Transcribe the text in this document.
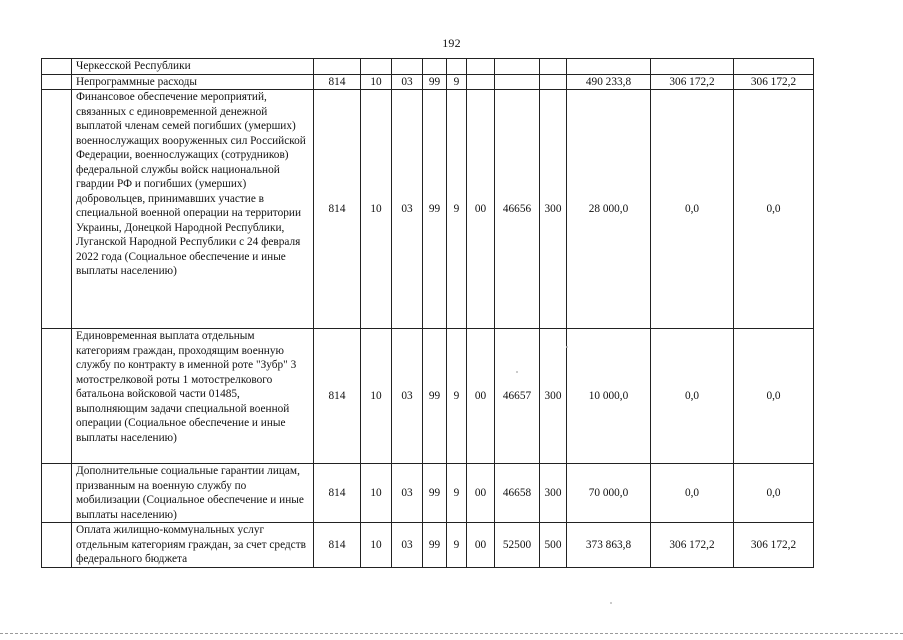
192
	Черкесской Республики											
	Непрограммные расходы	814	10	03	99	9				490 233,8	306 172,2	306 172,2
	Финансовое обеспечение мероприятий, связанных с единовременной денежной выплатой членам семей погибших (умерших) военнослужащих вооруженных сил Российской Федерации, военнослужащих (сотрудников) федеральной службы войск национальной гвардии РФ и погибших (умерших) добровольцев, принимавших участие в специальной военной операции на территории Украины, Донецкой Народной Республики, Луганской Народной Республики с 24 февраля 2022 года (Социальное обеспечение и иные выплаты населению)	814	10	03	99	9	00	46656	300	28 000,0	0,0	0,0
	Единовременная выплата отдельным категориям граждан, проходящим военную службу по контракту в именной роте "Зубр" 3 мотострелковой роты 1 мотострелкового батальона войсковой части 01485, выполняющим задачи специальной военной операции (Социальное обеспечение и иные выплаты населению)	814	10	03	99	9	00	46657	300	10 000,0	0,0	0,0
	Дополнительные социальные гарантии лицам, призванным на военную службу по мобилизации (Социальное обеспечение и иные выплаты населению)	814	10	03	99	9	00	46658	300	70 000,0	0,0	0,0
	Оплата жилищно-коммунальных услуг отдельным категориям граждан, за счет средств федерального бюджета	814	10	03	99	9	00	52500	500	373 863,8	306 172,2	306 172,2
